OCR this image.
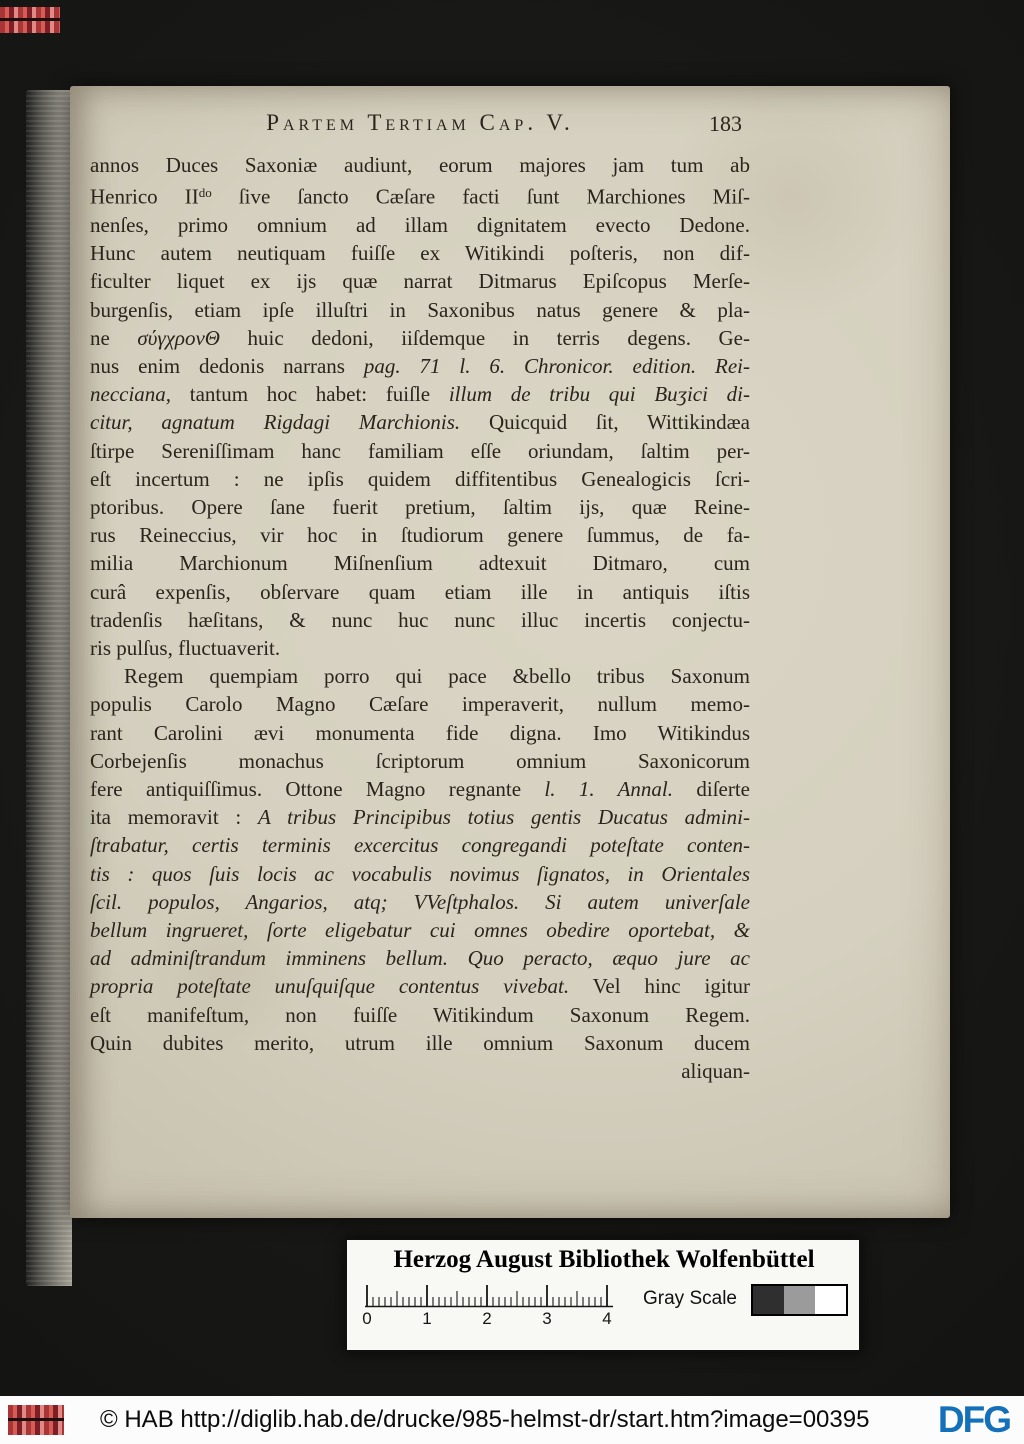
Partem Tertiam Cap. V.	183
annos Duces Saxoniæ audiunt, eorum majores jam tum ab
Henrico $II^{do}$ ſive ſancto Cæſare facti ſunt Marchiones Miſ-
nenſes, primo omnium ad illam dignitatem evecto Dedone.
Hunc autem neutiquam fuiſſe ex Witikindi poſteris, non dif-
ficulter liquet ex ijs quæ narrat Ditmarus Epiſcopus Merſe-
burgenſis, etiam ipſe illuſtri in Saxonibus natus genere & pla-
ne σύγχρονΘ huic dedoni, iiſdemque in terris degens. Ge-
nus enim dedonis narrans pag. 71 l. 6. Chronicor. edition. Rei-
necciana, tantum hoc habet: fuiſle illum de tribu qui Buʒici di-
citur, agnatum Rigdagi Marchionis. Quicquid ſit, Wittikindæa
ſtirpe Sereniſſimam hanc familiam eſſe oriundam, ſaltim per-
eſt incertum : ne ipſis quidem diffitentibus Genealogicis ſcri-
ptoribus. Opere ſane fuerit pretium, ſaltim ijs, quæ Reine-
rus Reineccius, vir hoc in ſtudiorum genere ſummus, de fa-
milia Marchionum Miſnenſium adtexuit Ditmaro, cum
curâ expenſis, obſervare quam etiam ille in antiquis iſtis
tradenſis hæſitans, & nunc huc nunc illuc incertis conjectu-
ris pulſus, fluctuaverit.
Regem quempiam porro qui pace &bello tribus Saxonum
populis Carolo Magno Cæſare imperaverit, nullum memo-
rant Carolini ævi monumenta fide digna. Imo Witikindus
Corbejenſis monachus ſcriptorum omnium Saxonicorum
fere antiquiſſimus. Ottone Magno regnante l. 1. Annal. diſerte
ita memoravit : A tribus Principibus totius gentis Ducatus admini-
ſtrabatur, certis terminis excercitus congregandi poteſtate conten-
tis : quos ſuis locis ac vocabulis novimus ſignatos, in Orientales
ſcil. populos, Angarios, atq; VVeſtphalos. Si autem univerſale
bellum ingrueret, ſorte eligebatur cui omnes obedire oportebat, &
ad adminiſtrandum imminens bellum. Quo peracto, æquo jure ac
propria poteſtate unuſquiſque contentus vivebat. Vel hinc igitur
eſt manifeſtum, non fuiſſe Witikindum Saxonum Regem.
Quin dubites merito, utrum ille omnium Saxonum ducem
aliquan-
Herzog August Bibliothek Wolfenbüttel
0	1	2	3	4
Gray Scale
© HAB http://diglib.hab.de/drucke/985-helmst-dr/start.htm?image=00395 DFG
